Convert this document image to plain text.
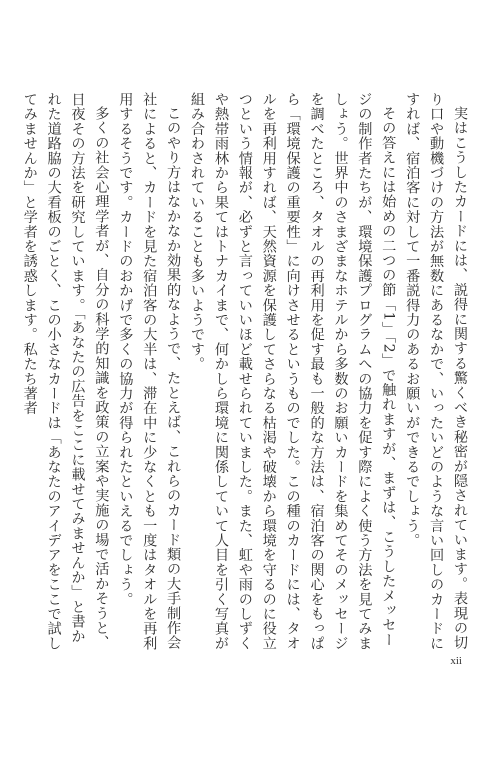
実はこうしたカードには、説得に関する驚くべき秘密が隠されています。表現の切り口や動機づけの方法が無数にあるなかで、いったいどのような言い回しのカードにすれば、宿泊客に対して一番説得力のあるお願いができるでしょう。

その答えには始めの二つの節「1」「2」で触れますが、まずは、こうしたメッセージの制作者たちが、環境保護プログラムへの協力を促す際によく使う方法を見てみましょう。世界中のさまざまなホテルから多数のお願いカードを集めてそのメッセージを調べたところ、タオルの再利用を促す最も一般的な方法は、宿泊客の関心をもっぱら「環境保護の重要性」に向けさせるというものでした。この種のカードには、タオルを再利用すれば、天然資源を保護してさらなる枯渇や破壊から環境を守るのに役立つという情報が、必ずと言っていいほど載せられていました。また、虹や雨のしずくや熱帯雨林から果てはトナカイまで、何かしら環境に関係していて人目を引く写真が組み合わされていることも多いようです。

このやり方はなかなか効果的なようで、たとえば、これらのカード類の大手制作会社によると、カードを見た宿泊客の大半は、滞在中に少なくとも一度はタオルを再利用するそうです。カードのおかげで多くの協力が得られたといえるでしょう。

多くの社会心理学者が、自分の科学的知識を政策の立案や実施の場で活かそうと、日夜その方法を研究しています。「あなたの広告をここに載せてみませんか」と書かれた道路脇の大看板のごとく、この小さなカードは「あなたのアイデアをここで試してみませんか」と学者を誘惑します。私たち著者

xii
